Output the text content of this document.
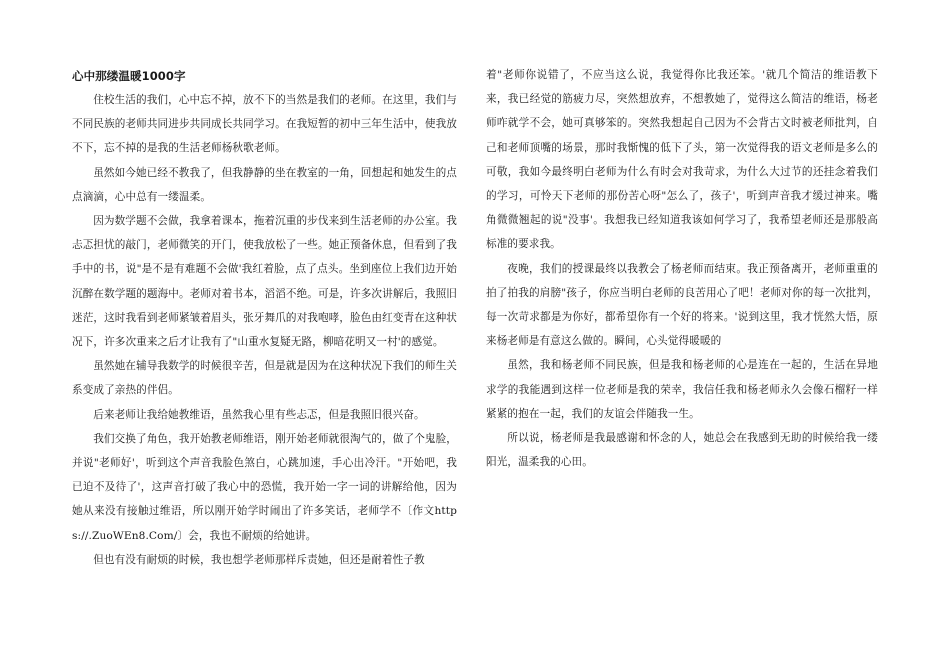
心中那缕温暖1000字

住校生活的我们，心中忘不掉，放不下的当然是我们的老师。在这里，我们与不同民族的老师共同进步共同成长共同学习。在我短暂的初中三年生活中，使我放不下，忘不掉的是我的生活老师杨秋歌老师。

虽然如今她已经不教我了，但我静静的坐在教室的一角，回想起和她发生的点点滴滴，心中总有一缕温柔。

因为数学题不会做，我拿着课本，拖着沉重的步伐来到生活老师的办公室。我忐忑担忧的敲门，老师微笑的开门，使我放松了一些。她正预备休息，但看到了我手中的书，说"是不是有难题不会做'我红着脸，点了点头。坐到座位上我们边开始沉醉在数学题的题海中。老师对着书本，滔滔不绝。可是，许多次讲解后，我照旧迷茫，这时我看到老师紧皱着眉头，张牙舞爪的对我咆哮，脸色由红变青在这种状况下，许多次重来之后才让我有了"山重水复疑无路，柳暗花明又一村'的感觉。

虽然她在辅导我数学的时候很辛苦，但是就是因为在这种状况下我们的师生关系变成了亲热的伴侣。

后来老师让我给她教维语，虽然我心里有些忐忑，但是我照旧很兴奋。

我们交换了角色，我开始教老师维语，刚开始老师就很淘气的，做了个鬼脸，并说"老师好'，听到这个声音我脸色煞白，心跳加速，手心出冷汗。"开始吧，我已迫不及待了'，这声音打破了我心中的恐慌，我开始一字一词的讲解给他，因为她从来没有接触过维语，所以刚开始学时闹出了许多笑话，老师学不〔作文https://.ZuoWEn8.Com/〕会，我也不耐烦的给她讲。

但也有没有耐烦的时候，我也想学老师那样斥责她，但还是耐着性子教

着"老师你说错了，不应当这么说，我觉得你比我还笨。'就几个简洁的维语教下来，我已经觉的筋疲力尽，突然想放弃，不想教她了，觉得这么简洁的维语，杨老师咋就学不会，她可真够笨的。突然我想起自己因为不会背古文时被老师批判，自己和老师顶嘴的场景，那时我惭愧的低下了头，第一次觉得我的语文老师是多么的可敬，我如今最终明白老师为什么有时会对我苛求，为什么大过节的还挂念着我们的学习，可怜天下老师的那份苦心呀"怎么了，孩子'，听到声音我才缓过神来。嘴角微微翘起的说"没事'。我想我已经知道我该如何学习了，我希望老师还是那般高标准的要求我。

夜晚，我们的授课最终以我教会了杨老师而结束。我正预备离开，老师重重的拍了拍我的肩膀"孩子，你应当明白老师的良苦用心了吧！老师对你的每一次批判，每一次苛求都是为你好，都希望你有一个好的将来。'说到这里，我才恍然大悟，原来杨老师是有意这么做的。瞬间，心头觉得暖暖的

虽然，我和杨老师不同民族，但是我和杨老师的心是连在一起的，生活在异地求学的我能遇到这样一位老师是我的荣幸，我信任我和杨老师永久会像石榴籽一样紧紧的抱在一起，我们的友谊会伴随我一生。

所以说，杨老师是我最感谢和怀念的人，她总会在我感到无助的时候给我一缕阳光，温柔我的心田。
